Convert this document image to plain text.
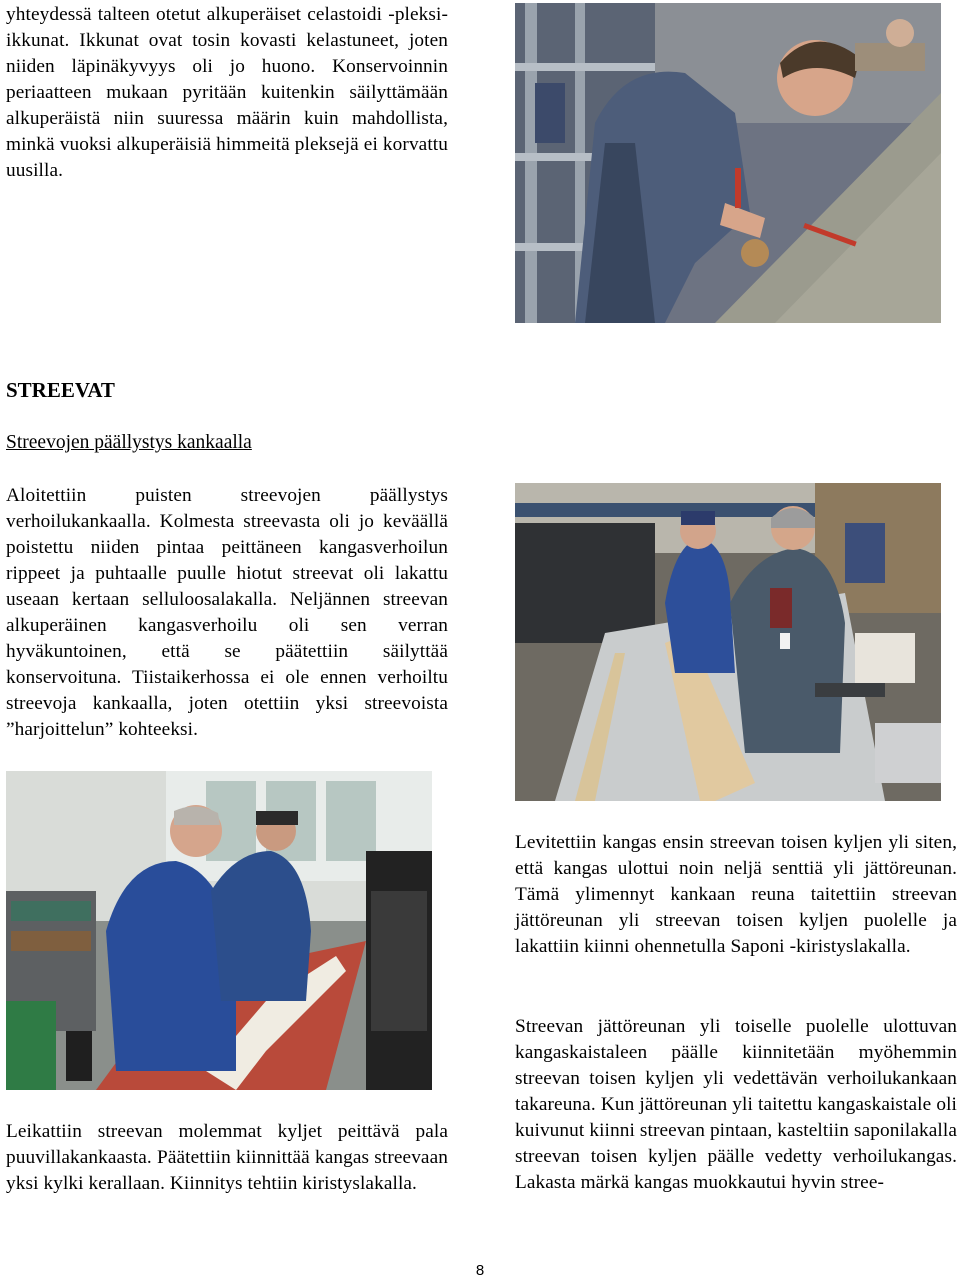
yhteydessä talteen otetut alkuperäiset celastoidi -pleksi-ikkunat. Ikkunat ovat tosin kovasti kelastuneet, joten niiden läpinäkyvyys oli jo huono. Konservoinnin periaatteen mukaan pyritään kuitenkin säilyttämään alkuperäistä niin suuressa määrin kuin mahdollista, minkä vuoksi alkuperäisiä himmeitä pleksejä ei korvattu uusilla.

STREEVAT
Streevojen päällystys kankaalla

Aloitettiin puisten streevojen päällystys verhoilukankaalla. Kolmesta streevasta oli jo keväällä poistettu niiden pintaa peittäneen kangasverhoilun rippeet ja puhtaalle puulle hiotut streevat oli lakattu useaan kertaan selluloosalakalla. Neljännen streevan alkuperäinen kangasverhoilu oli sen verran hyväkuntoinen, että se päätettiin säilyttää konservoituna. Tiistaikerhossa ei ole ennen verhoiltu streevoja kankaalla, joten otettiin yksi streevoista ”harjoittelun” kohteeksi.

Leikattiin streevan molemmat kyljet peittävä pala puuvillakankaasta. Päätettiin kiinnittää kangas streevaan yksi kylki kerallaan. Kiinnitys tehtiin kiristyslakalla.

Levitettiin kangas ensin streevan toisen kyljen yli siten, että kangas ulottui noin neljä senttiä yli jättöreunan. Tämä ylimennyt kankaan reuna taitettiin streevan jättöreunan yli streevan toisen kyljen puolelle ja lakattiin kiinni ohennetulla Saponi -kiristyslakalla.

Streevan jättöreunan yli toiselle puolelle ulottuvan kangaskaistaleen päälle kiinnitetään myöhemmin streevan toisen kyljen yli vedettävän verhoilukankaan takareuna. Kun jättöreunan yli taitettu kangaskaistale oli kuivunut kiinni streevan pintaan, kasteltiin saponilakalla streevan toisen kyljen päälle vedetty verhoilukangas. Lakasta märkä kangas muokkautui hyvin stree-

8
